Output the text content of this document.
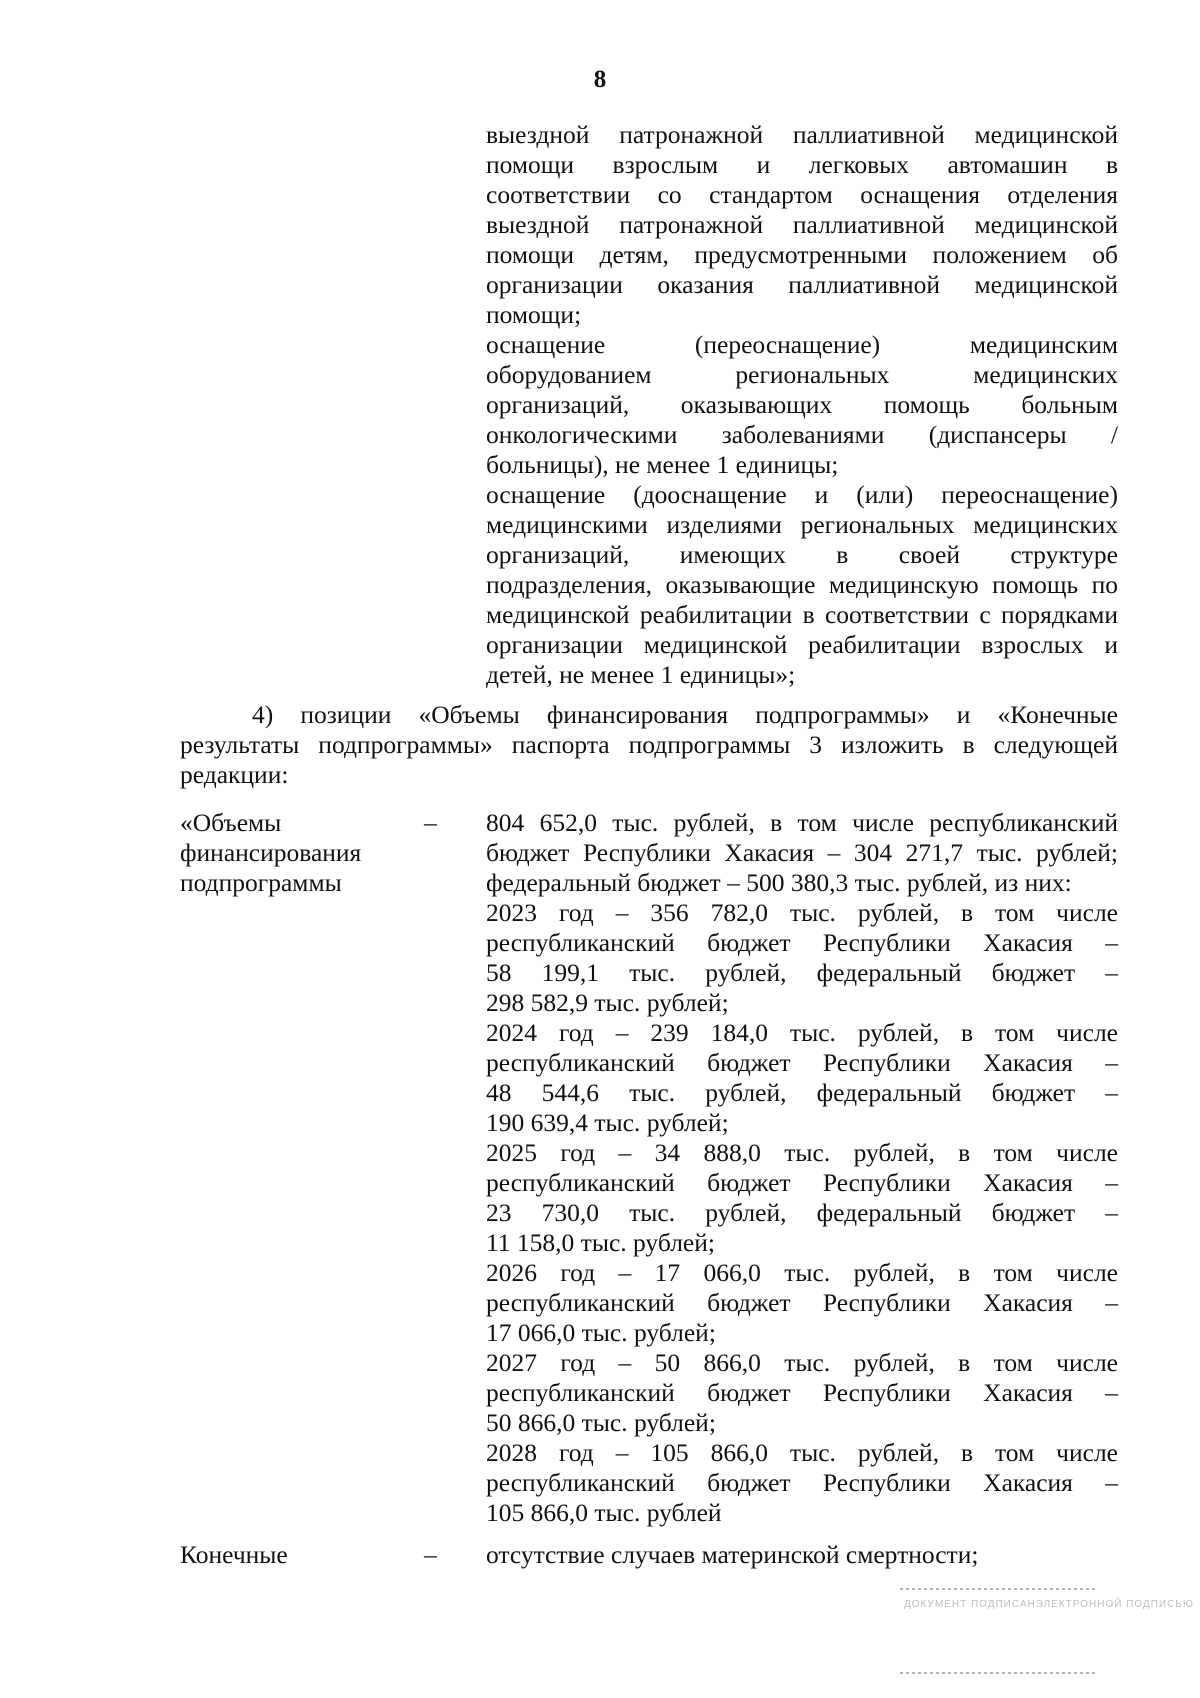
8
выездной патронажной паллиативной медицинской
помощи взрослым и легковых автомашин в
соответствии со стандартом оснащения отделения
выездной патронажной паллиативной медицинской
помощи детям, предусмотренными положением об
организации оказания паллиативной медицинской
помощи;
оснащение (переоснащение) медицинским
оборудованием региональных медицинских
организаций, оказывающих помощь больным
онкологическими заболеваниями (диспансеры /
больницы), не менее 1 единицы;
оснащение (дооснащение и (или) переоснащение)
медицинскими изделиями региональных медицинских
организаций, имеющих в своей структуре
подразделения, оказывающие медицинскую помощь по
медицинской реабилитации в соответствии с порядками
организации медицинской реабилитации взрослых и
детей, не менее 1 единицы»;
4) позиции «Объемы финансирования подпрограммы» и «Конечные
результаты подпрограммы» паспорта подпрограммы 3 изложить в следующей
редакции:
«Объемы
финансирования
подпрограммы
– 804 652,0 тыс. рублей, в том числе республиканский
бюджет Республики Хакасия – 304 271,7 тыс. рублей;
федеральный бюджет – 500 380,3 тыс. рублей, из них:
2023 год – 356 782,0 тыс. рублей, в том числе
республиканский бюджет Республики Хакасия –
58 199,1 тыс. рублей, федеральный бюджет –
298 582,9 тыс. рублей;
2024 год – 239 184,0 тыс. рублей, в том числе
республиканский бюджет Республики Хакасия –
48 544,6 тыс. рублей, федеральный бюджет –
190 639,4 тыс. рублей;
2025 год – 34 888,0 тыс. рублей, в том числе
республиканский бюджет Республики Хакасия –
23 730,0 тыс. рублей, федеральный бюджет –
11 158,0 тыс. рублей;
2026 год – 17 066,0 тыс. рублей, в том числе
республиканский бюджет Республики Хакасия –
17 066,0 тыс. рублей;
2027 год – 50 866,0 тыс. рублей, в том числе
республиканский бюджет Республики Хакасия –
50 866,0 тыс. рублей;
2028 год – 105 866,0 тыс. рублей, в том числе
республиканский бюджет Республики Хакасия –
105 866,0 тыс. рублей
Конечные	– отсутствие случаев материнской смертности;
ДОКУМЕНТ ПОДПИСАНЭЛЕКТРОННОЙ ПОДПИСЬЮ
